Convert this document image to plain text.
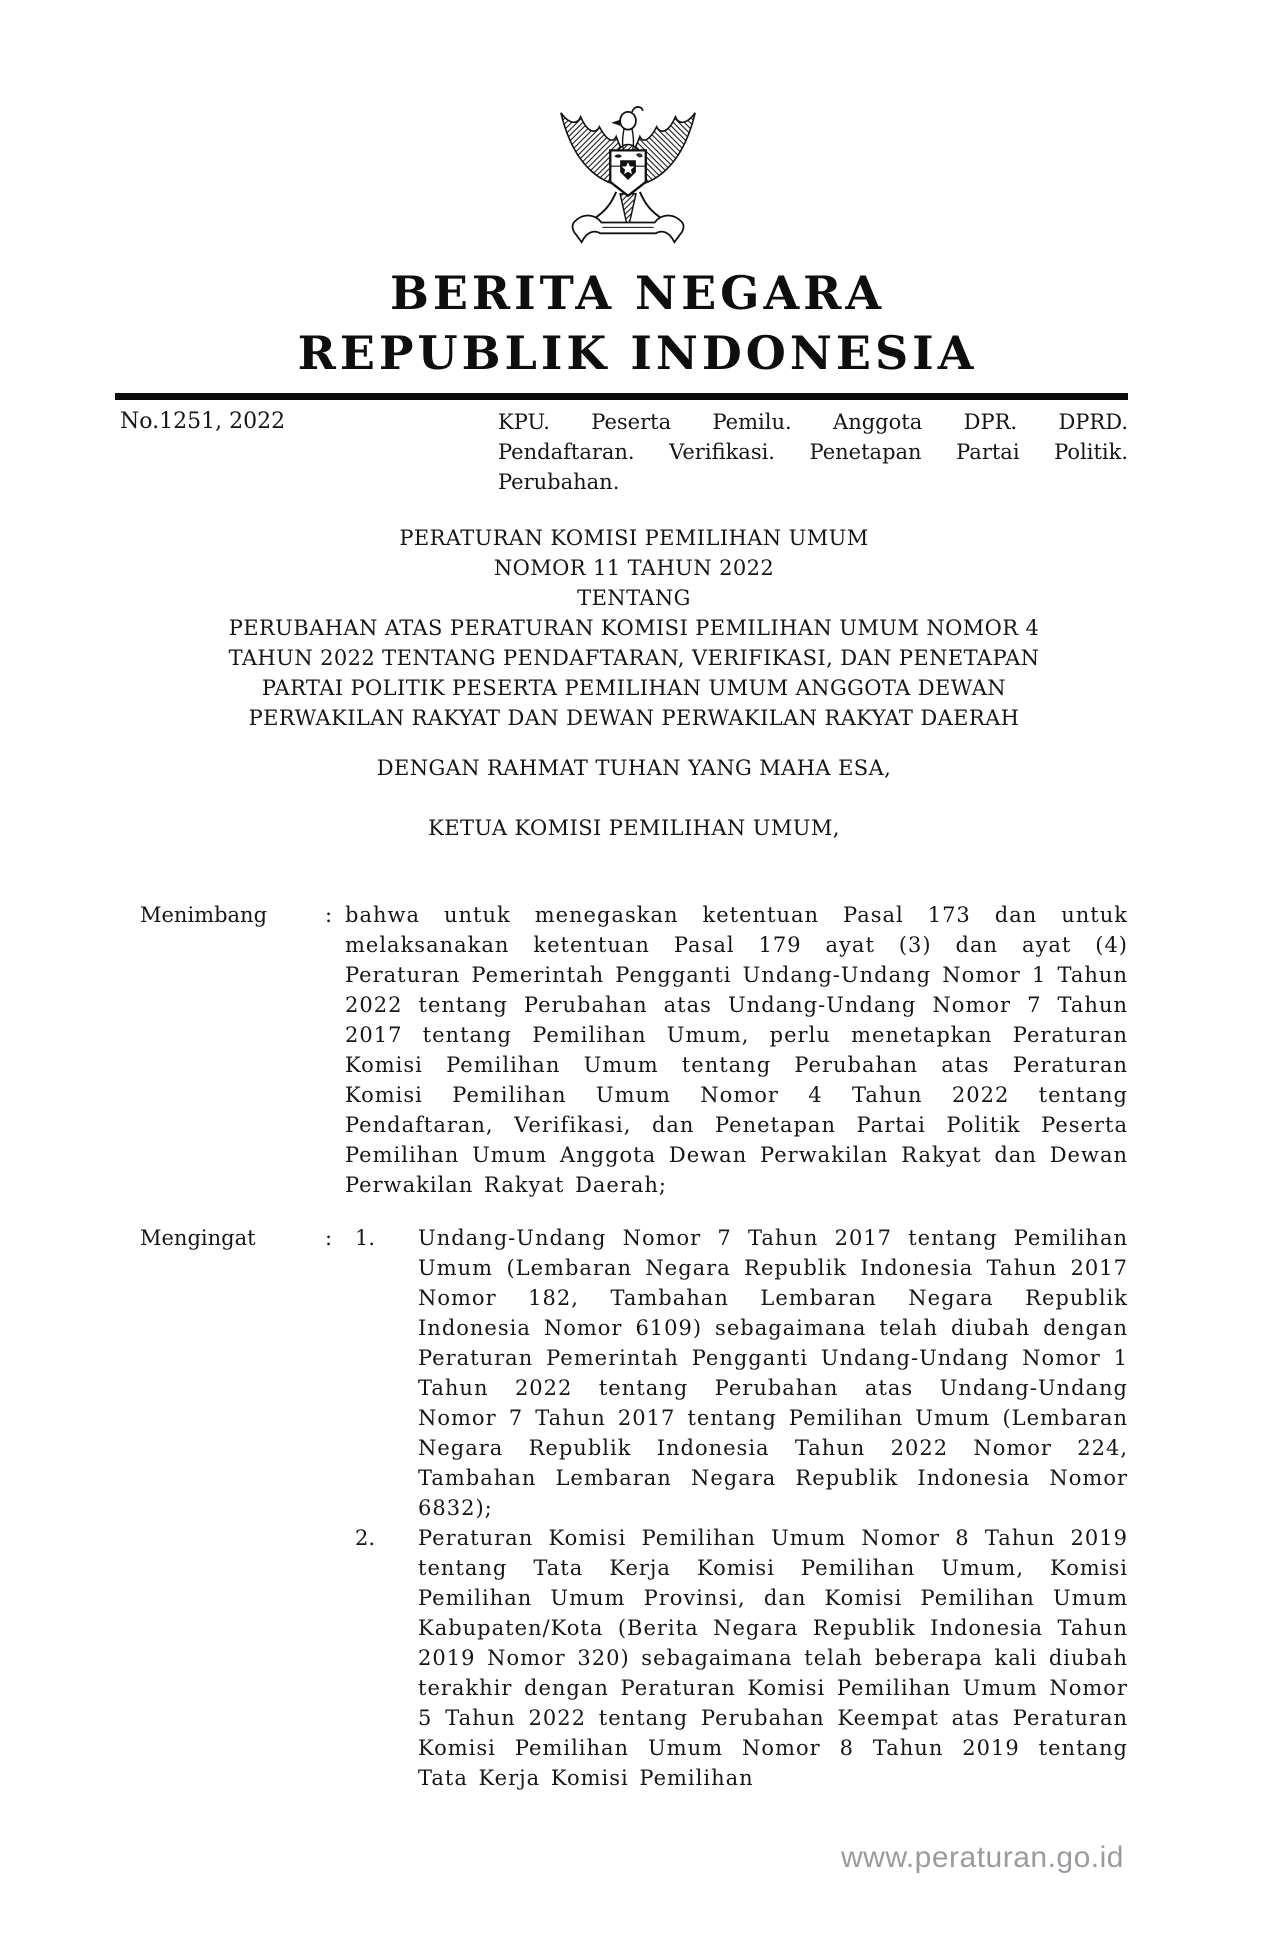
BERITA NEGARA
REPUBLIK INDONESIA
No.1251, 2022	KPU. Peserta Pemilu. Anggota DPR. DPRD.
Pendaftaran. Verifikasi. Penetapan Partai Politik.
Perubahan.
PERATURAN KOMISI PEMILIHAN UMUM
NOMOR 11 TAHUN 2022
TENTANG
PERUBAHAN ATAS PERATURAN KOMISI PEMILIHAN UMUM NOMOR 4
TAHUN 2022 TENTANG PENDAFTARAN, VERIFIKASI, DAN PENETAPAN
PARTAI POLITIK PESERTA PEMILIHAN UMUM ANGGOTA DEWAN
PERWAKILAN RAKYAT DAN DEWAN PERWAKILAN RAKYAT DAERAH
DENGAN RAHMAT TUHAN YANG MAHA ESA,
KETUA KOMISI PEMILIHAN UMUM,
Menimbang	: bahwa untuk menegaskan ketentuan Pasal 173 dan untuk melaksanakan ketentuan Pasal 179 ayat (3) dan ayat (4) Peraturan Pemerintah Pengganti Undang-Undang Nomor 1 Tahun 2022 tentang Perubahan atas Undang-Undang Nomor 7 Tahun 2017 tentang Pemilihan Umum, perlu menetapkan Peraturan Komisi Pemilihan Umum tentang Perubahan atas Peraturan Komisi Pemilihan Umum Nomor 4 Tahun 2022 tentang Pendaftaran, Verifikasi, dan Penetapan Partai Politik Peserta Pemilihan Umum Anggota Dewan Perwakilan Rakyat dan Dewan Perwakilan Rakyat Daerah;
Mengingat	:	1. Undang-Undang Nomor 7 Tahun 2017 tentang Pemilihan Umum (Lembaran Negara Republik Indonesia Tahun 2017 Nomor 182, Tambahan Lembaran Negara Republik Indonesia Nomor 6109) sebagaimana telah diubah dengan Peraturan Pemerintah Pengganti Undang-Undang Nomor 1 Tahun 2022 tentang Perubahan atas Undang-Undang Nomor 7 Tahun 2017 tentang Pemilihan Umum (Lembaran Negara Republik Indonesia Tahun 2022 Nomor 224, Tambahan Lembaran Negara Republik Indonesia Nomor 6832);
2. Peraturan Komisi Pemilihan Umum Nomor 8 Tahun 2019 tentang Tata Kerja Komisi Pemilihan Umum, Komisi Pemilihan Umum Provinsi, dan Komisi Pemilihan Umum Kabupaten/Kota (Berita Negara Republik Indonesia Tahun 2019 Nomor 320) sebagaimana telah beberapa kali diubah terakhir dengan Peraturan Komisi Pemilihan Umum Nomor 5 Tahun 2022 tentang Perubahan Keempat atas Peraturan Komisi Pemilihan Umum Nomor 8 Tahun 2019 tentang Tata Kerja Komisi Pemilihan
www.peraturan.go.id
